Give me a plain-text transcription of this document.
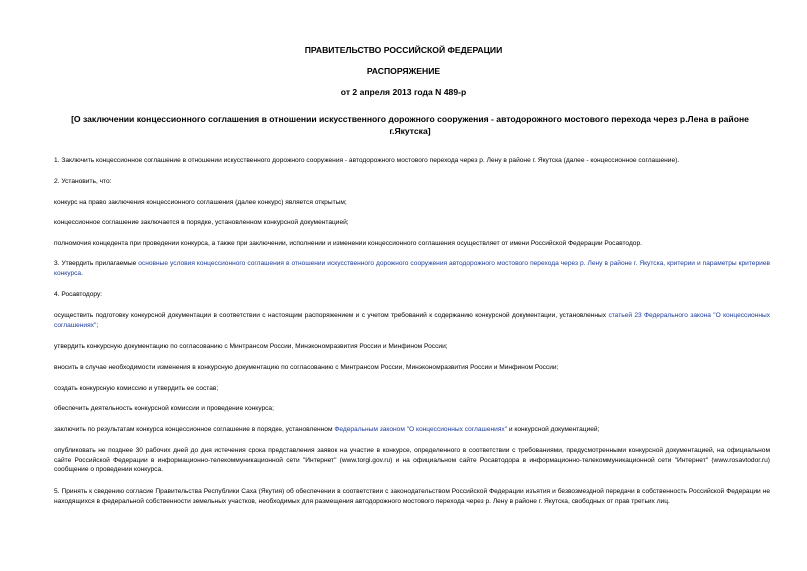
ПРАВИТЕЛЬСТВО РОССИЙСКОЙ ФЕДЕРАЦИИ
РАСПОРЯЖЕНИЕ
от 2 апреля 2013 года N 489-р
[О заключении концессионного соглашения в отношении искусственного дорожного сооружения - автодорожного мостового перехода через р.Лена в районе г.Якутска]

1. Заключить концессионное соглашение в отношении искусственного дорожного сооружения - автодорожного мостового перехода через р. Лену в районе г. Якутска (далее - концессионное соглашение).

2. Установить, что:

конкурс на право заключения концессионного соглашения (далее конкурс) является открытым;

концессионное соглашение заключается в порядке, установленном конкурсной документацией;

полномочия концедента при проведении конкурса, а также при заключении, исполнении и изменении концессионного соглашения осуществляет от имени Российской Федерации Росавтодор.

3. Утвердить прилагаемые основные условия концессионного соглашения в отношении искусственного дорожного сооружения автодорожного мостового перехода через р. Лену в районе г. Якутска, критерии и параметры критериев конкурса.

4. Росавтодору:

осуществить подготовку конкурсной документации в соответствии с настоящим распоряжением и с учетом требований к содержанию конкурсной документации, установленных статьей 23 Федерального закона "О концессионных соглашениях";

утвердить конкурсную документацию по согласованию с Минтрансом России, Минэкономразвития России и Минфином России;

вносить в случае необходимости изменения в конкурсную документацию по согласованию с Минтрансом России, Минэкономразвития России и Минфином России;

создать конкурсную комиссию и утвердить ее состав;

обеспечить деятельность конкурсной комиссии и проведение конкурса;

заключить по результатам конкурса концессионное соглашение в порядке, установленном Федеральным законом "О концессионных соглашениях" и конкурсной документацией;

опубликовать не позднее 30 рабочих дней до дня истечения срока представления заявок на участие в конкурсе, определенного в соответствии с требованиями, предусмотренными конкурсной документацией, на официальном сайте Российской Федерации в информационно-телекоммуникационной сети "Интернет" (www.torgi.gov.ru) и на официальном сайте Росавтодора в информационно-телекоммуникационной сети "Интернет" (www.rosavtodor.ru) сообщение о проведении конкурса.

5. Принять к сведению согласие Правительства Республики Саха (Якутия) об обеспечении в соответствии с законодательством Российской Федерации изъятия и безвозмездной передачи в собственность Российской Федерации не находящихся в федеральной собственности земельных участков, необходимых для размещения автодорожного мостового перехода через р. Лену в районе г. Якутска, свободных от прав третьих лиц.
